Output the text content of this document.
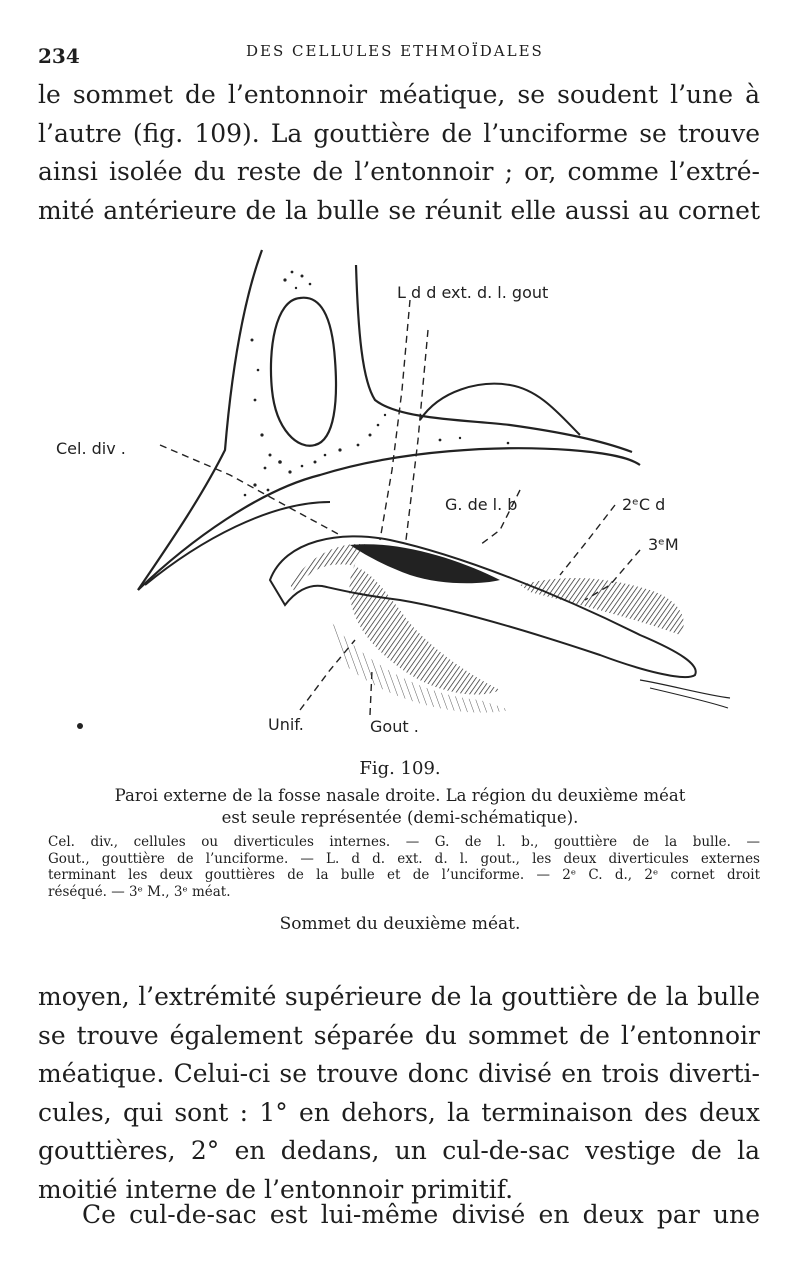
234	DES CELLULES ETHMOÏDALES
le sommet de l’entonnoir méatique, se soudent l’une à
l’autre (fig. 109). La gouttière de l’unciforme se trouve
ainsi isolée du reste de l’entonnoir ; or, comme l’extré-
mité antérieure de la bulle se réunit elle aussi au cornet
L d d ext. d. l. gout
Cel. div .
G. de l. b	2ᵉC d
3ᵉM
Unif.	Gout .
Fig. 109.
Paroi externe de la fosse nasale droite. La région du deuxième méat
est seule représentée (demi-schématique).
Cel. div., cellules ou diverticules internes. — G. de l. b., gouttière de la bulle. —
Gout., gouttière de l’unciforme. — L. d d. ext. d. l. gout., les deux diverticules externes
terminant les deux gouttières de la bulle et de l’unciforme. — 2ᵉ C. d., 2ᵉ cornet droit
réséqué. — 3ᵉ M., 3ᵉ méat.
Sommet du deuxième méat.
moyen, l’extrémité supérieure de la gouttière de la bulle
se trouve également séparée du sommet de l’entonnoir
méatique. Celui-ci se trouve donc divisé en trois diverti-
cules, qui sont : 1° en dehors, la terminaison des deux
gouttières, 2° en dedans, un cul-de-sac vestige de la
moitié interne de l’entonnoir primitif.
Ce cul-de-sac est lui-même divisé en deux par une
